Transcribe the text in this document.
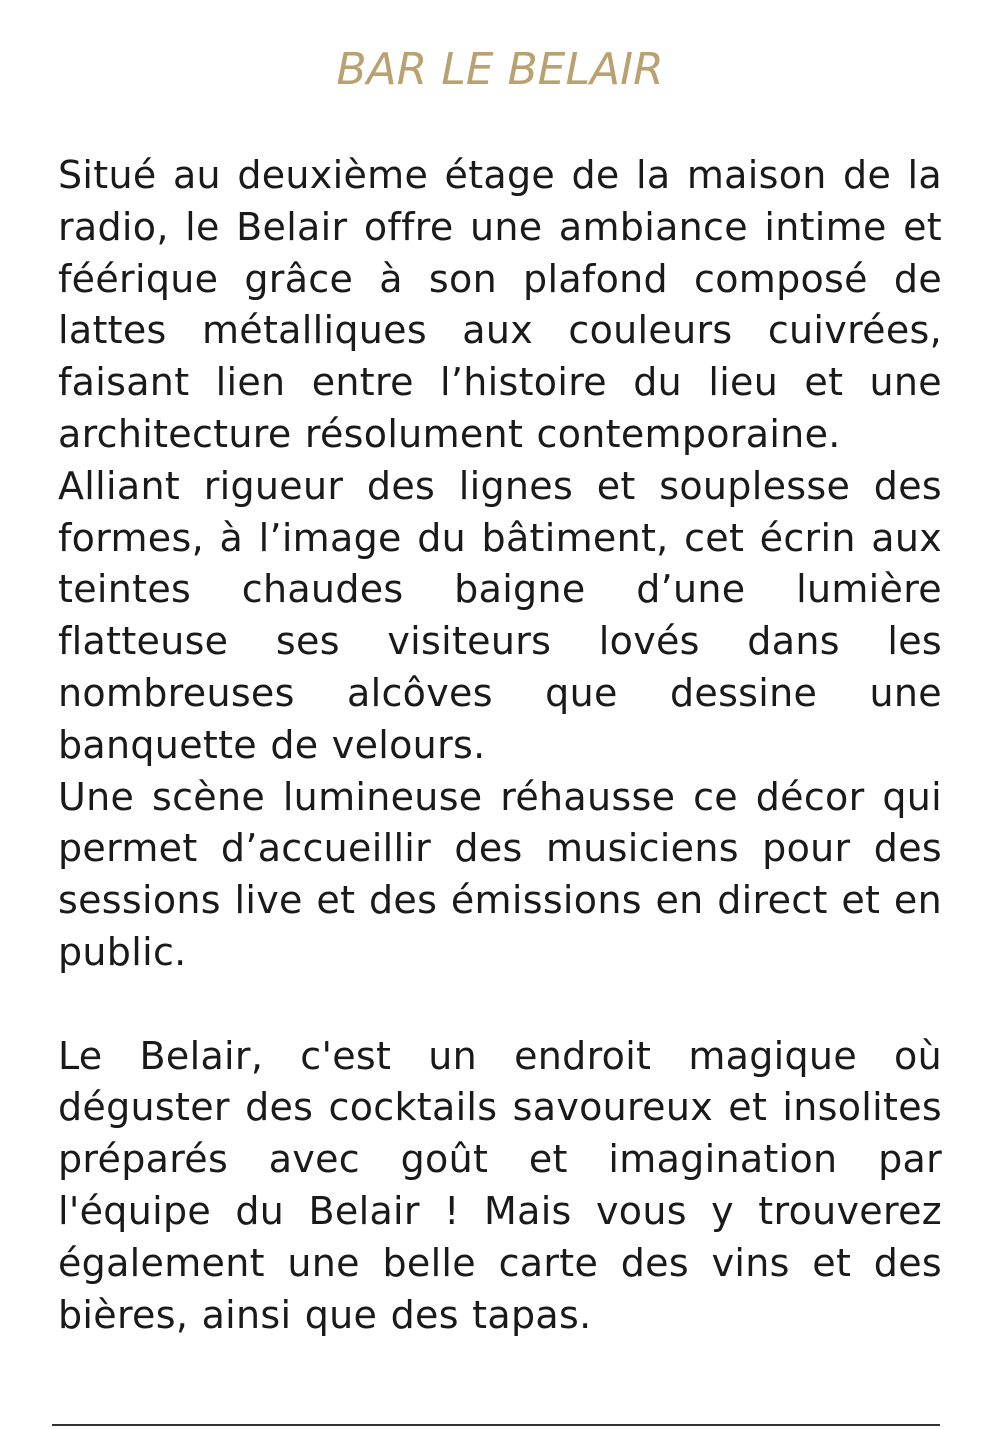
BAR LE BELAIR

Situé au deuxième étage de la maison de la radio, le Belair offre une ambiance intime et féérique grâce à son plafond composé de lattes métalliques aux couleurs cuivrées, faisant lien entre l’histoire du lieu et une architecture résolument contemporaine.

Alliant rigueur des lignes et souplesse des formes, à l’image du bâtiment, cet écrin aux teintes chaudes baigne d’une lumière flatteuse ses visiteurs lovés dans les nombreuses alcôves que dessine une banquette de velours.

Une scène lumineuse réhausse ce décor qui permet d’accueillir des musiciens pour des sessions live et des émissions en direct et en public.

Le Belair, c'est un endroit magique où déguster des cocktails savoureux et insolites préparés avec goût et imagination par l'équipe du Belair ! Mais vous y trouverez également une belle carte des vins et des bières, ainsi que des tapas.
